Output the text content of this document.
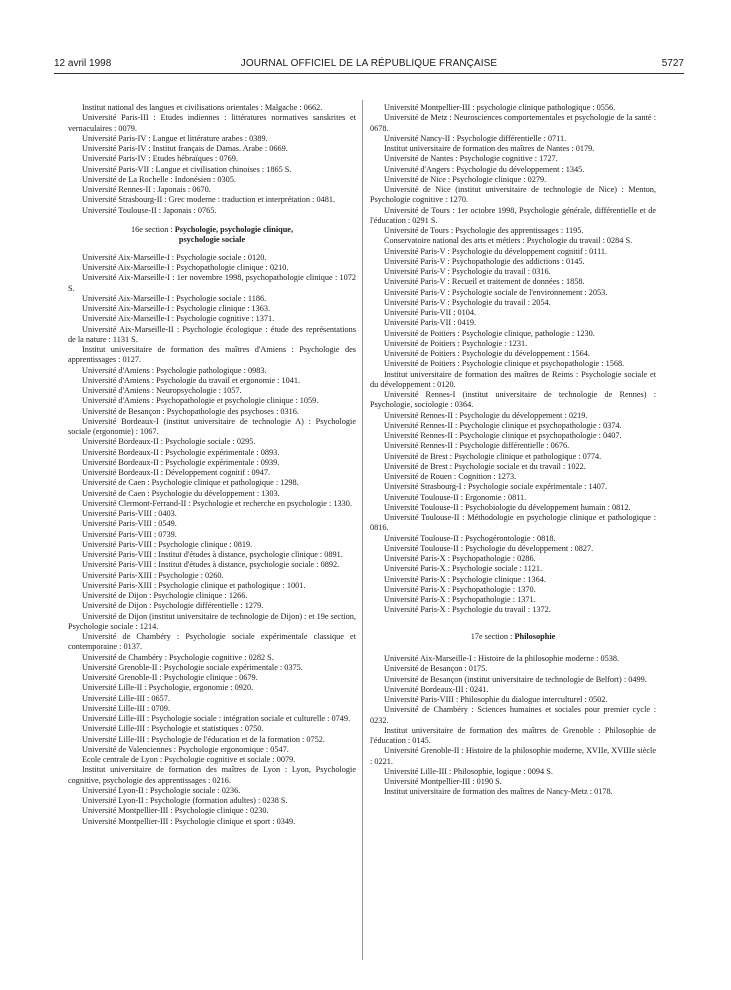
12 avril 1998	JOURNAL OFFICIEL DE LA RÉPUBLIQUE FRANÇAISE	5727

Institut national des langues et civilisations orientales : Malgache : 0662.

Université Paris-III : Etudes indiennes : littératures normatives sanskrites et vernaculaires : 0079.

Université Paris-IV : Langue et littérature arabes : 0389.

Université Paris-IV : Institut français de Damas. Arabe : 0669.

Université Paris-IV : Etudes hébraïques : 0769.

Université Paris-VII : Langue et civilisation chinoises : 1865 S.

Université de La Rochelle : Indonésien : 0305.

Université Rennes-II : Japonais : 0670.

Université Strasbourg-II : Grec moderne : traduction et interprétation : 0481.

Université Toulouse-II : Japonais : 0765.

16e section : Psychologie, psychologie clinique,
psychologie sociale

Université Aix-Marseille-I : Psychologie sociale : 0120.

Université Aix-Marseille-I : Psychopathologie clinique : 0210.

Université Aix-Marseille-I : 1er novembre 1998, psychopathologie clinique : 1072 S.

Université Aix-Marseille-I : Psychologie sociale : 1186.

Université Aix-Marseille-I : Psychologie clinique : 1363.

Université Aix-Marseille-I : Psychologie cognitive : 1371.

Université Aix-Marseille-II : Psychologie écologique : étude des représentations de la nature : 1131 S.

Institut universitaire de formation des maîtres d'Amiens : Psychologie des apprentissages : 0127.

Université d'Amiens : Psychologie pathologique : 0983.

Université d'Amiens : Psychologie du travail et ergonomie : 1041.

Université d'Amiens : Neuropsychologie : 1057.

Université d'Amiens : Psychopathologie et psychologie clinique : 1059.

Université de Besançon : Psychopathologie des psychoses : 0316.

Université Bordeaux-I (institut universitaire de technologie A) : Psychologie sociale (ergonomie) : 1067.

Université Bordeaux-II : Psychologie sociale : 0295.

Université Bordeaux-II : Psychologie expérimentale : 0893.

Université Bordeaux-II : Psychologie expérimentale : 0939.

Université Bordeaux-II : Développement cognitif : 0947.

Université de Caen : Psychologie clinique et pathologique : 1298.

Université de Caen : Psychologie du développement : 1303.

Université Clermont-Ferrand-II : Psychologie et recherche en psychologie : 1330.

Université Paris-VIII : 0403.

Université Paris-VIII : 0549.

Université Paris-VIII : 0739.

Université Paris-VIII : Psychologie clinique : 0819.

Université Paris-VIII : Institut d'études à distance, psychologie clinique : 0891.

Université Paris-VIII : Institut d'études à distance, psychologie sociale : 0892.

Université Paris-XIII : Psychologie : 0260.

Université Paris-XIII : Psychologie clinique et pathologique : 1001.

Université de Dijon : Psychologie clinique : 1266.

Université de Dijon : Psychologie différentielle : 1279.

Université de Dijon (institut universitaire de technologie de Dijon) : et 19e section, Psychologie sociale : 1214.

Université de Chambéry : Psychologie sociale expérimentale classique et contemporaine : 0137.

Université de Chambéry : Psychologie cognitive : 0282 S.

Université Grenoble-II : Psychologie sociale expérimentale : 0375.

Université Grenoble-II : Psychologie clinique : 0679.

Université Lille-II : Psychologie, ergonomie : 0920.

Université Lille-III : 0657.

Université Lille-III : 0709.

Université Lille-III : Psychologie sociale : intégration sociale et culturelle : 0749.

Université Lille-III : Psychologie et statistiques : 0750.

Université Lille-III : Psychologie de l'éducation et de la formation : 0752.

Université de Valenciennes : Psychologie ergonomique : 0547.

Ecole centrale de Lyon : Psychologie cognitive et sociale : 0079.

Institut universitaire de formation des maîtres de Lyon : Lyon, Psychologie cognitive, psychologie des apprentissages : 0216.

Université Lyon-II : Psychologie sociale : 0236.

Université Lyon-II : Psychologie (formation adultes) : 0238 S.

Université Montpellier-III : Psychologie clinique : 0230.

Université Montpellier-III : Psychologie clinique et sport : 0349.

Université Montpellier-III : psychologie clinique pathologique : 0556.

Université de Metz : Neurosciences comportementales et psychologie de la santé : 0678.

Université Nancy-II : Psychologie différentielle : 0711.

Institut universitaire de formation des maîtres de Nantes : 0179.

Université de Nantes : Psychologie cognitive : 1727.

Université d'Angers : Psychologie du développement : 1345.

Université de Nice : Psychologie clinique : 0279.

Université de Nice (institut universitaire de technologie de Nice) : Menton, Psychologie cognitive : 1270.

Université de Tours : 1er octobre 1998, Psychologie générale, différentielle et de l'éducation : 0291 S.

Université de Tours : Psychologie des apprentissages : 1195.

Conservatoire national des arts et métiers : Psychologie du travail : 0284 S.

Université Paris-V : Psychologie du développement cognitif : 0111.

Université Paris-V : Psychopathologie des addictions : 0145.

Université Paris-V : Psychologie du travail : 0316.

Université Paris-V : Recueil et traitement de données : 1858.

Université Paris-V : Psychologie sociale de l'environnement : 2053.

Université Paris-V : Psychologie du travail : 2054.

Université Paris-VII : 0104.

Université Paris-VII : 0419.

Université de Poitiers : Psychologie clinique, pathologie : 1230.

Université de Poitiers : Psychologie : 1231.

Université de Poitiers : Psychologie du développement : 1564.

Université de Poitiers : Psychologie clinique et psychopathologie : 1568.

Institut universitaire de formation des maîtres de Reims : Psychologie sociale et du développement : 0120.

Université Rennes-I (institut universitaire de technologie de Rennes) : Psychologie, sociologie : 0364.

Université Rennes-II : Psychologie du développement : 0219.

Université Rennes-II : Psychologie clinique et psychopathologie : 0374.

Université Rennes-II : Psychologie clinique et psychopathologie : 0407.

Université Rennes-II : Psychologie différentielle : 0676.

Université de Brest : Psychologie clinique et pathologique : 0774.

Université de Brest : Psychologie sociale et du travail : 1022.

Université de Rouen : Cognition : 1273.

Université Strasbourg-I : Psychologie sociale expérimentale : 1407.

Université Toulouse-II : Ergonomie : 0811.

Université Toulouse-II : Psychobiologie du développement humain : 0812.

Université Toulouse-II : Méthodologie en psychologie clinique et pathologique : 0816.

Université Toulouse-II : Psychogérontologie : 0818.

Université Toulouse-II : Psychologie du développement : 0827.

Université Paris-X : Psychopathologie : 0286.

Université Paris-X : Psychologie sociale : 1121.

Université Paris-X : Psychologie clinique : 1364.

Université Paris-X : Psychopathologie : 1370.

Université Paris-X : Psychopathologie : 1371.

Université Paris-X : Psychologie du travail : 1372.

17e section : Philosophie

Université Aix-Marseille-I : Histoire de la philosophie moderne : 0538.

Université de Besançon : 0175.

Université de Besançon (institut universitaire de technologie de Belfort) : 0499.

Université Bordeaux-III : 0241.

Université Paris-VIII : Philosophie du dialogue interculturel : 0502.

Université de Chambéry : Sciences humaines et sociales pour premier cycle : 0232.

Institut universitaire de formation des maîtres de Grenoble : Philosophie de l'éducation : 0145.

Université Grenoble-II : Histoire de la philosophie moderne, XVIIe, XVIIIe siècle : 0221.

Université Lille-III : Philosophie, logique : 0094 S.

Université Montpellier-III : 0190 S.

Institut universitaire de formation des maîtres de Nancy-Metz : 0178.
